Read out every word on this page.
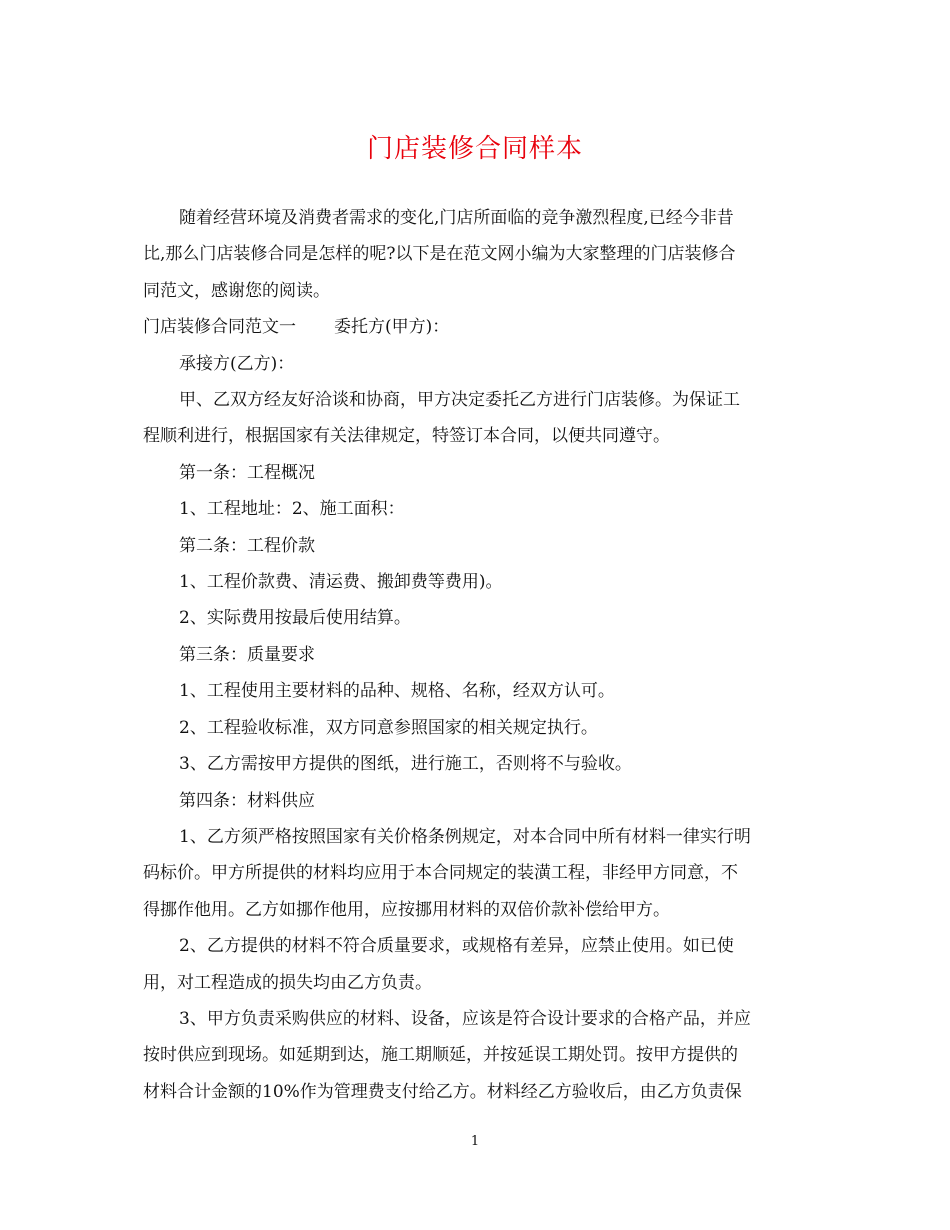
门店装修合同样本

随着经营环境及消费者需求的变化,门店所面临的竞争激烈程度,已经今非昔
比,那么门店装修合同是怎样的呢?以下是在范文网小编为大家整理的门店装修合
同范文，感谢您的阅读。

门店装修合同范文一 委托方(甲方)：

承接方(乙方)：

甲、乙双方经友好洽谈和协商，甲方决定委托乙方进行门店装修。为保证工
程顺利进行，根据国家有关法律规定，特签订本合同，以便共同遵守。

第一条：工程概况

1、工程地址：2、施工面积：

第二条：工程价款

1、工程价款费、清运费、搬卸费等费用)。

2、实际费用按最后使用结算。

第三条：质量要求

1、工程使用主要材料的品种、规格、名称，经双方认可。

2、工程验收标准，双方同意参照国家的相关规定执行。

3、乙方需按甲方提供的图纸，进行施工，否则将不与验收。

第四条：材料供应

1、乙方须严格按照国家有关价格条例规定，对本合同中所有材料一律实行明
码标价。甲方所提供的材料均应用于本合同规定的装潢工程，非经甲方同意，不
得挪作他用。乙方如挪作他用，应按挪用材料的双倍价款补偿给甲方。

2、乙方提供的材料不符合质量要求，或规格有差异，应禁止使用。如已使
用，对工程造成的损失均由乙方负责。

3、甲方负责采购供应的材料、设备，应该是符合设计要求的合格产品，并应
按时供应到现场。如延期到达，施工期顺延，并按延误工期处罚。按甲方提供的
材料合计金额的10%作为管理费支付给乙方。材料经乙方验收后，由乙方负责保

1
